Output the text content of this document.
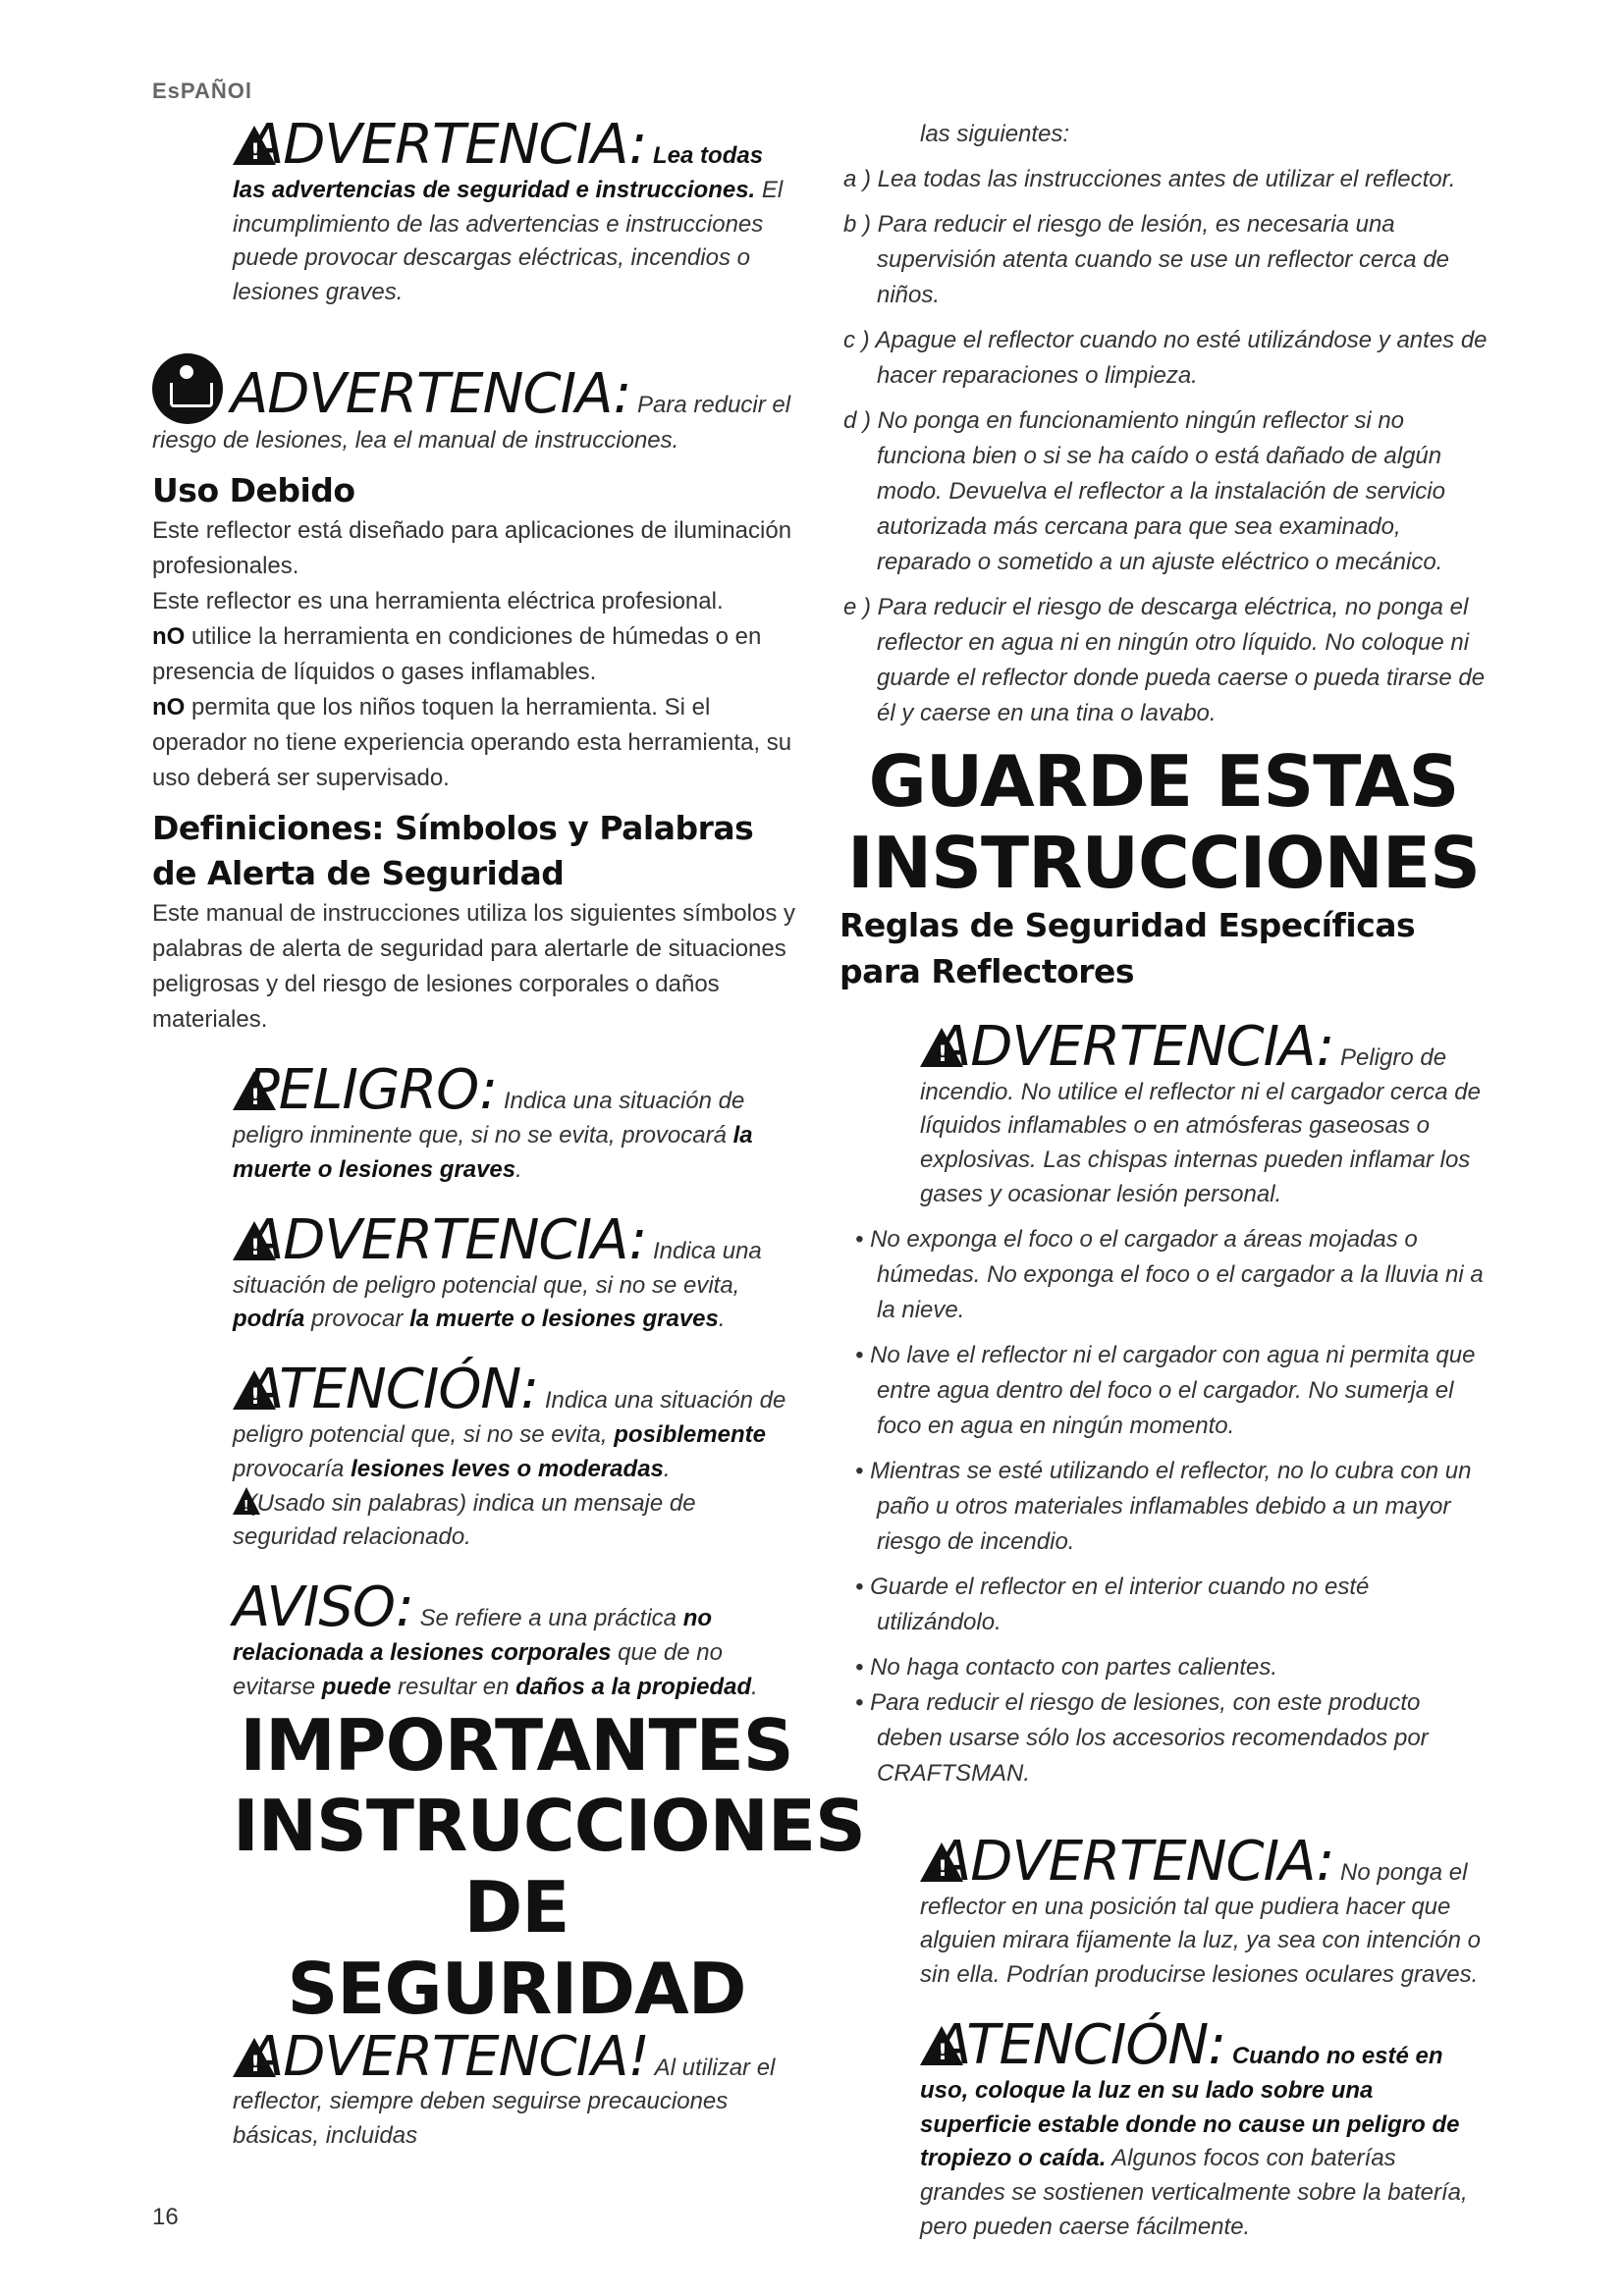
EsPAÑOl

!ADVERTENCIA: Lea todas las advertencias de seguridad e instrucciones. El incumplimiento de las advertencias e instrucciones puede provocar descargas eléctricas, incendios o lesiones graves.

ADVERTENCIA: Para reducir el riesgo de lesiones, lea el manual de instrucciones.

Uso Debido

Este reflector está diseñado para aplicaciones de iluminación profesionales.

Este reflector es una herramienta eléctrica profesional.

nO utilice la herramienta en condiciones de húmedas o en presencia de líquidos o gases inflamables.

nO permita que los niños toquen la herramienta. Si el operador no tiene experiencia operando esta herramienta, su uso deberá ser supervisado.

Definiciones: Símbolos y Palabras de Alerta de Seguridad

Este manual de instrucciones utiliza los siguientes símbolos y palabras de alerta de seguridad para alertarle de situaciones peligrosas y del riesgo de lesiones corporales o daños materiales.

!PELIGRO: Indica una situación de peligro inminente que, si no se evita, provocará la muerte o lesiones graves.

!ADVERTENCIA: Indica una situación de peligro potencial que, si no se evita, podría provocar la muerte o lesiones graves.

!ATENCIÓN: Indica una situación de peligro potencial que, si no se evita, posiblemente provocaría lesiones leves o moderadas.

! (Usado sin palabras) indica un mensaje de seguridad relacionado.

AVISO: Se refiere a una práctica no relacionada a lesiones corporales que de no evitarse puede resultar en daños a la propiedad.

IMPORTANTES
INSTRUCCIONES
DE SEGURIDAD

!ADVERTENCIA! Al utilizar el reflector, siempre deben seguirse precauciones básicas, incluidas

las siguientes:

a ) Lea todas las instrucciones antes de utilizar el reflector.

b ) Para reducir el riesgo de lesión, es necesaria una supervisión atenta cuando se use un reflector cerca de niños.

c ) Apague el reflector cuando no esté utilizándose y antes de hacer reparaciones o limpieza.

d ) No ponga en funcionamiento ningún reflector si no funciona bien o si se ha caído o está dañado de algún modo. Devuelva el reflector a la instalación de servicio autorizada más cercana para que sea examinado, reparado o sometido a un ajuste eléctrico o mecánico.

e ) Para reducir el riesgo de descarga eléctrica, no ponga el reflector en agua ni en ningún otro líquido. No coloque ni guarde el reflector donde pueda caerse o pueda tirarse de él y caerse en una tina o lavabo.

GUARDE ESTAS
INSTRUCCIONES
Reglas de Seguridad Específicas para Reflectores

!ADVERTENCIA: Peligro de incendio. No utilice el reflector ni el cargador cerca de líquidos inflamables o en atmósferas gaseosas o explosivas. Las chispas internas pueden inflamar los gases y ocasionar lesión personal.

• No exponga el foco o el cargador a áreas mojadas o húmedas. No exponga el foco o el cargador a la lluvia ni a la nieve.

• No lave el reflector ni el cargador con agua ni permita que entre agua dentro del foco o el cargador. No sumerja el foco en agua en ningún momento.

• Mientras se esté utilizando el reflector, no lo cubra con un paño u otros materiales inflamables debido a un mayor riesgo de incendio.

• Guarde el reflector en el interior cuando no esté utilizándolo.

• No haga contacto con partes calientes.

• Para reducir el riesgo de lesiones, con este producto deben usarse sólo los accesorios recomendados por CRAFTSMAN.

!ADVERTENCIA: No ponga el reflector en una posición tal que pudiera hacer que alguien mirara fijamente la luz, ya sea con intención o sin ella. Podrían producirse lesiones oculares graves.

!ATENCIÓN: Cuando no esté en uso, coloque la luz en su lado sobre una superficie estable donde no cause un peligro de tropiezo o caída. Algunos focos con baterías grandes se sostienen verticalmente sobre la batería, pero pueden caerse fácilmente.

16
